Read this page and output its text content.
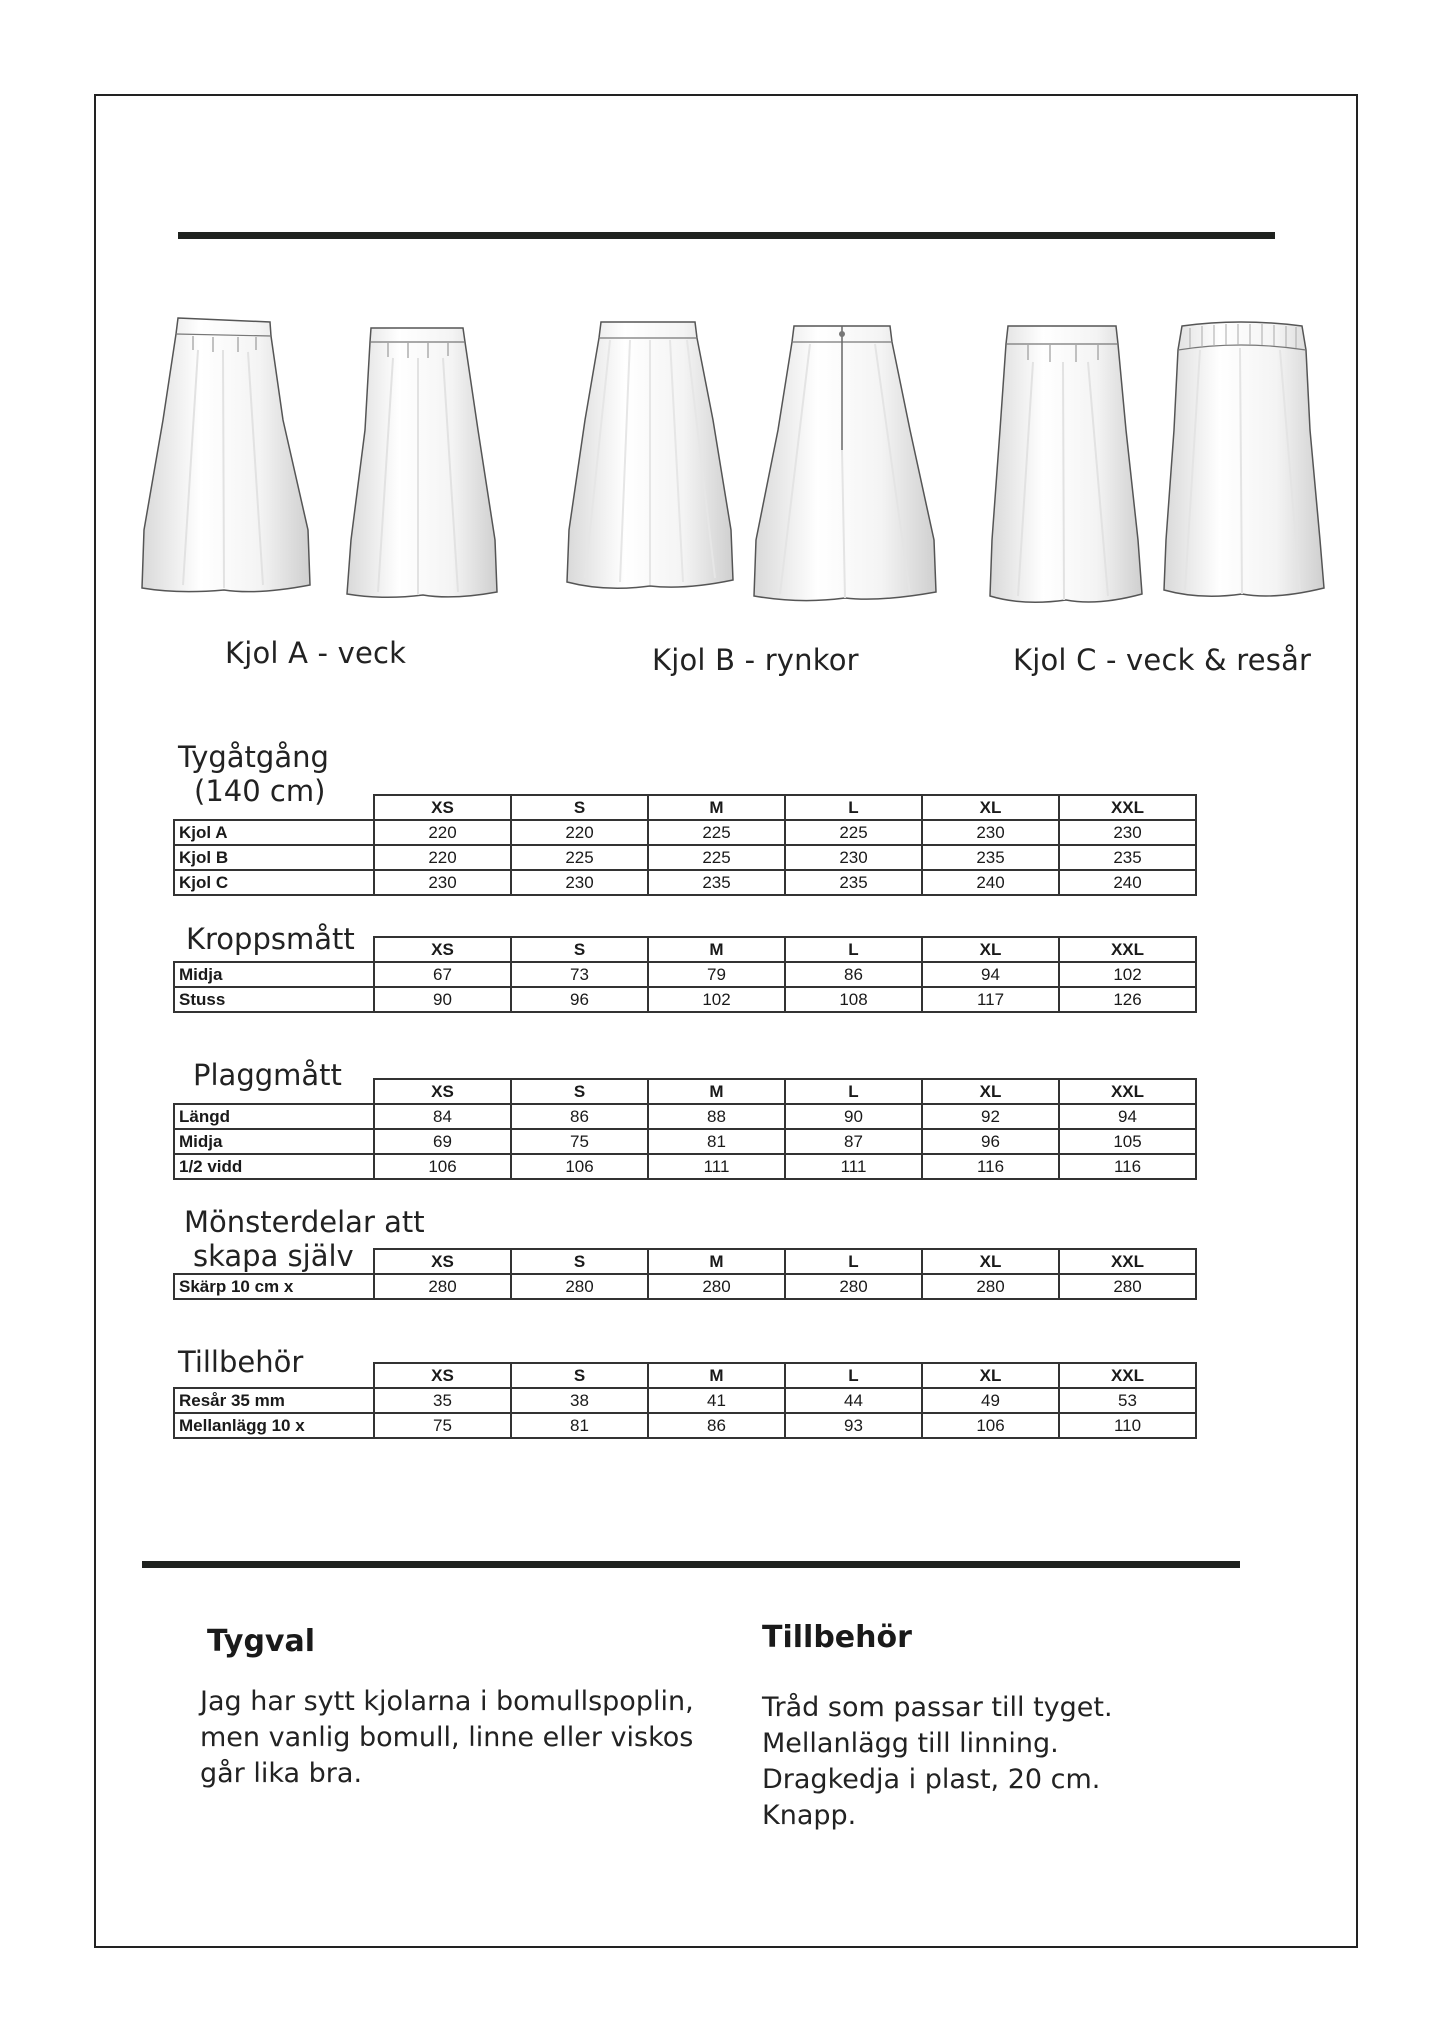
Kjol A - veck	Kjol B - rynkor	Kjol C - veck & resår
Tygåtgång
(140 cm)
		XS	S	M	L	XL	XXL
Kjol A	220	220	225	225	230	230
Kjol B	220	225	225	230	235	235
Kjol C	230	230	235	235	240	240
Kroppsmått
		XS	S	M	L	XL	XXL
Midja	67	73	79	86	94	102
Stuss	90	96	102	108	117	126
Plaggmått
		XS	S	M	L	XL	XXL
Längd	84	86	88	90	92	94
Midja	69	75	81	87	96	105
1/2 vidd	106	106	111	111	116	116
Mönsterdelar att
skapa själv
		XS	S	M	L	XL	XXL
Skärp 10 cm x	280	280	280	280	280	280
Tillbehör
		XS	S	M	L	XL	XXL
Resår 35 mm	35	38	41	44	49	53
Mellanlägg 10 x	75	81	86	93	106	110
Tygval
Jag har sytt kjolarna i bomullspoplin,
men vanlig bomull, linne eller viskos
går lika bra.
Tillbehör
Tråd som passar till tyget.
Mellanlägg till linning.
Dragkedja i plast, 20 cm.
Knapp.
